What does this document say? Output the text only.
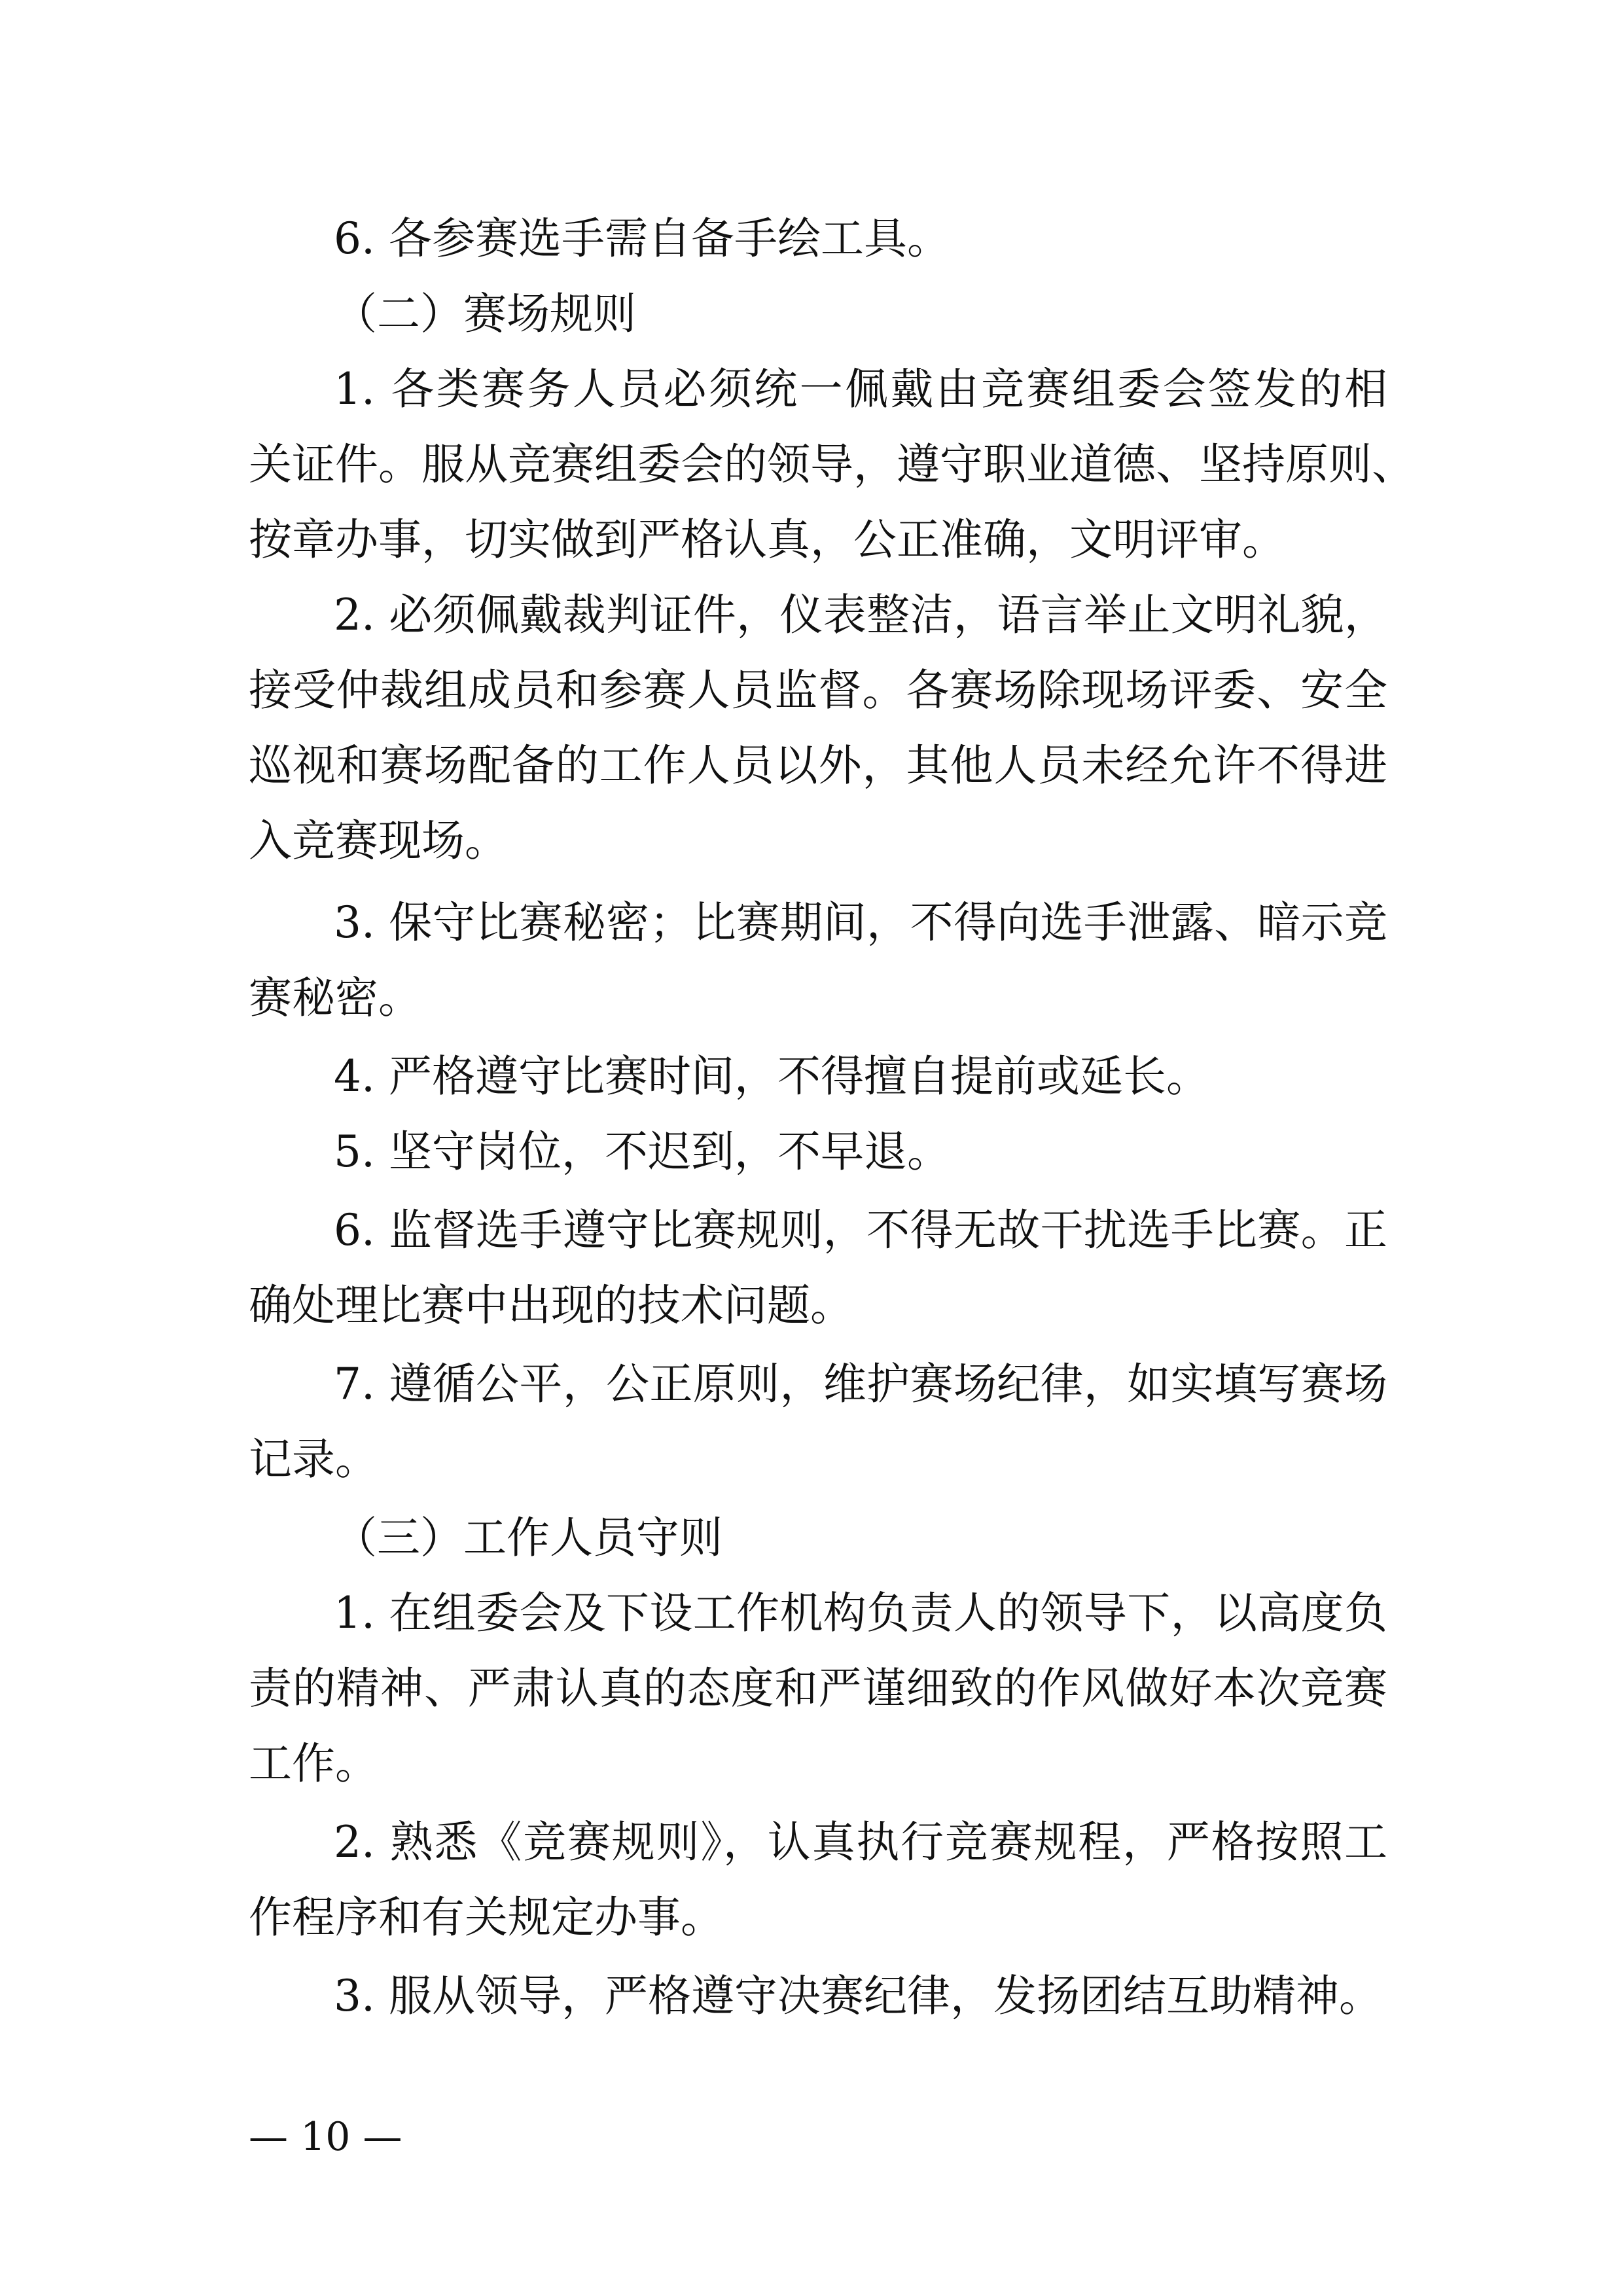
6. 各参赛选手需自备手绘工具。
（二）赛场规则
1. 各类赛务人员必须统一佩戴由竞赛组委会签发的相
关证件。服从竞赛组委会的领导，遵守职业道德、坚持原则、
按章办事，切实做到严格认真，公正准确，文明评审。
2. 必须佩戴裁判证件，仪表整洁，语言举止文明礼貌，
接受仲裁组成员和参赛人员监督。各赛场除现场评委、安全
巡视和赛场配备的工作人员以外，其他人员未经允许不得进
入竞赛现场。
3. 保守比赛秘密；比赛期间，不得向选手泄露、暗示竞
赛秘密。
4. 严格遵守比赛时间，不得擅自提前或延长。
5. 坚守岗位，不迟到，不早退。
6. 监督选手遵守比赛规则，不得无故干扰选手比赛。正
确处理比赛中出现的技术问题。
7. 遵循公平，公正原则，维护赛场纪律，如实填写赛场
记录。
（三）工作人员守则
1. 在组委会及下设工作机构负责人的领导下，以高度负
责的精神、严肃认真的态度和严谨细致的作风做好本次竞赛
工作。
2. 熟悉《竞赛规则》，认真执行竞赛规程，严格按照工
作程序和有关规定办事。
3. 服从领导，严格遵守决赛纪律，发扬团结互助精神。
— 10 —
